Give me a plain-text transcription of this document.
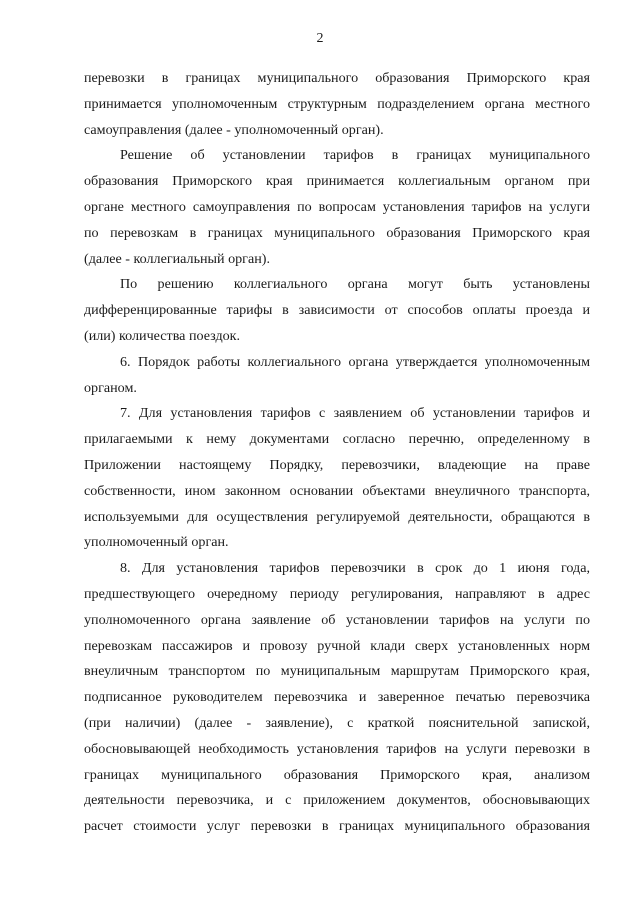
2
перевозки в границах муниципального образования Приморского края
принимается уполномоченным структурным подразделением органа местного
самоуправления (далее - уполномоченный орган).
Решение об установлении тарифов в границах муниципального
образования Приморского края принимается коллегиальным органом при
органе местного самоуправления по вопросам установления тарифов на услуги
по перевозкам в границах муниципального образования Приморского края
(далее - коллегиальный орган).
По решению коллегиального органа могут быть установлены
дифференцированные тарифы в зависимости от способов оплаты проезда и
(или) количества поездок.
6. Порядок работы коллегиального органа утверждается уполномоченным
органом.
7. Для установления тарифов с заявлением об установлении тарифов и
прилагаемыми к нему документами согласно перечню, определенному в
Приложении настоящему Порядку, перевозчики, владеющие на праве
собственности, ином законном основании объектами внеуличного транспорта,
используемыми для осуществления регулируемой деятельности, обращаются в
уполномоченный орган.
8. Для установления тарифов перевозчики в срок до 1 июня года,
предшествующего очередному периоду регулирования, направляют в адрес
уполномоченного органа заявление об установлении тарифов на услуги по
перевозкам пассажиров и провозу ручной клади сверх установленных норм
внеуличным транспортом по муниципальным маршрутам Приморского края,
подписанное руководителем перевозчика и заверенное печатью перевозчика
(при наличии) (далее - заявление), с краткой пояснительной запиской,
обосновывающей необходимость установления тарифов на услуги перевозки в
границах муниципального образования Приморского края, анализом
деятельности перевозчика, и с приложением документов, обосновывающих
расчет стоимости услуг перевозки в границах муниципального образования
